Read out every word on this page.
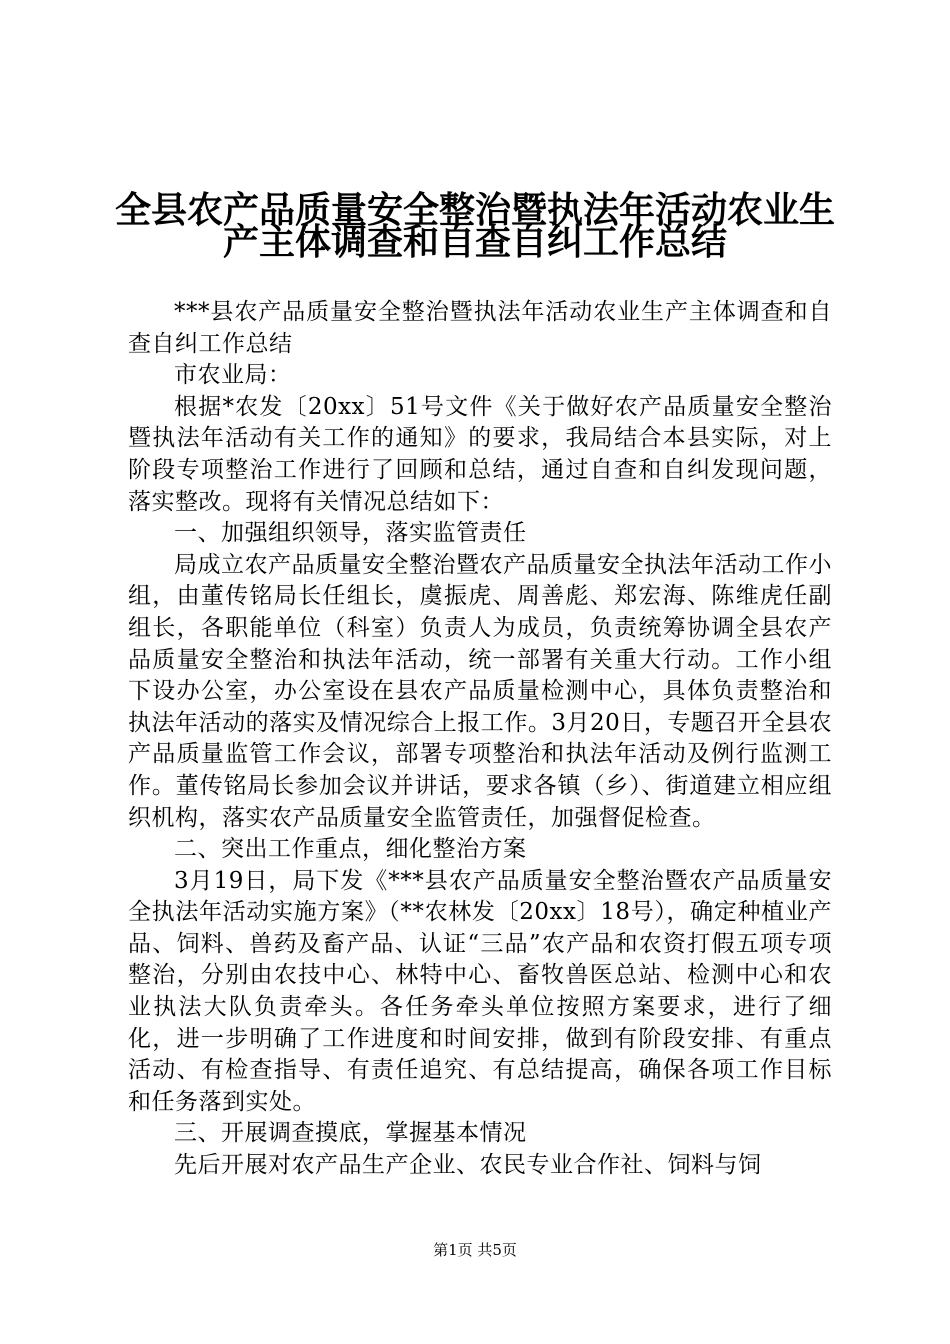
全县农产品质量安全整治暨执法年活动农业生
产主体调查和自查自纠工作总结

***县农产品质量安全整治暨执法年活动农业生产主体调查和自查自纠工作总结

市农业局：

根据*农发〔20xx〕51号文件《关于做好农产品质量安全整治暨执法年活动有关工作的通知》的要求，我局结合本县实际，对上阶段专项整治工作进行了回顾和总结，通过自查和自纠发现问题，落实整改。现将有关情况总结如下：

一、加强组织领导，落实监管责任

局成立农产品质量安全整治暨农产品质量安全执法年活动工作小组，由董传铭局长任组长，虞振虎、周善彪、郑宏海、陈维虎任副组长，各职能单位（科室）负责人为成员，负责统筹协调全县农产品质量安全整治和执法年活动，统一部署有关重大行动。工作小组下设办公室，办公室设在县农产品质量检测中心，具体负责整治和执法年活动的落实及情况综合上报工作。3月20日，专题召开全县农产品质量监管工作会议，部署专项整治和执法年活动及例行监测工作。董传铭局长参加会议并讲话，要求各镇（乡）、街道建立相应组织机构，落实农产品质量安全监管责任，加强督促检查。

二、突出工作重点，细化整治方案

3月19日，局下发《***县农产品质量安全整治暨农产品质量安全执法年活动实施方案》（**农林发〔20xx〕18号），确定种植业产品、饲料、兽药及畜产品、认证“三品”农产品和农资打假五项专项整治，分别由农技中心、林特中心、畜牧兽医总站、检测中心和农业执法大队负责牵头。各任务牵头单位按照方案要求，进行了细化，进一步明确了工作进度和时间安排，做到有阶段安排、有重点活动、有检查指导、有责任追究、有总结提高，确保各项工作目标和任务落到实处。

三、开展调查摸底，掌握基本情况

先后开展对农产品生产企业、农民专业合作社、饲料与饲

第1页 共5页
